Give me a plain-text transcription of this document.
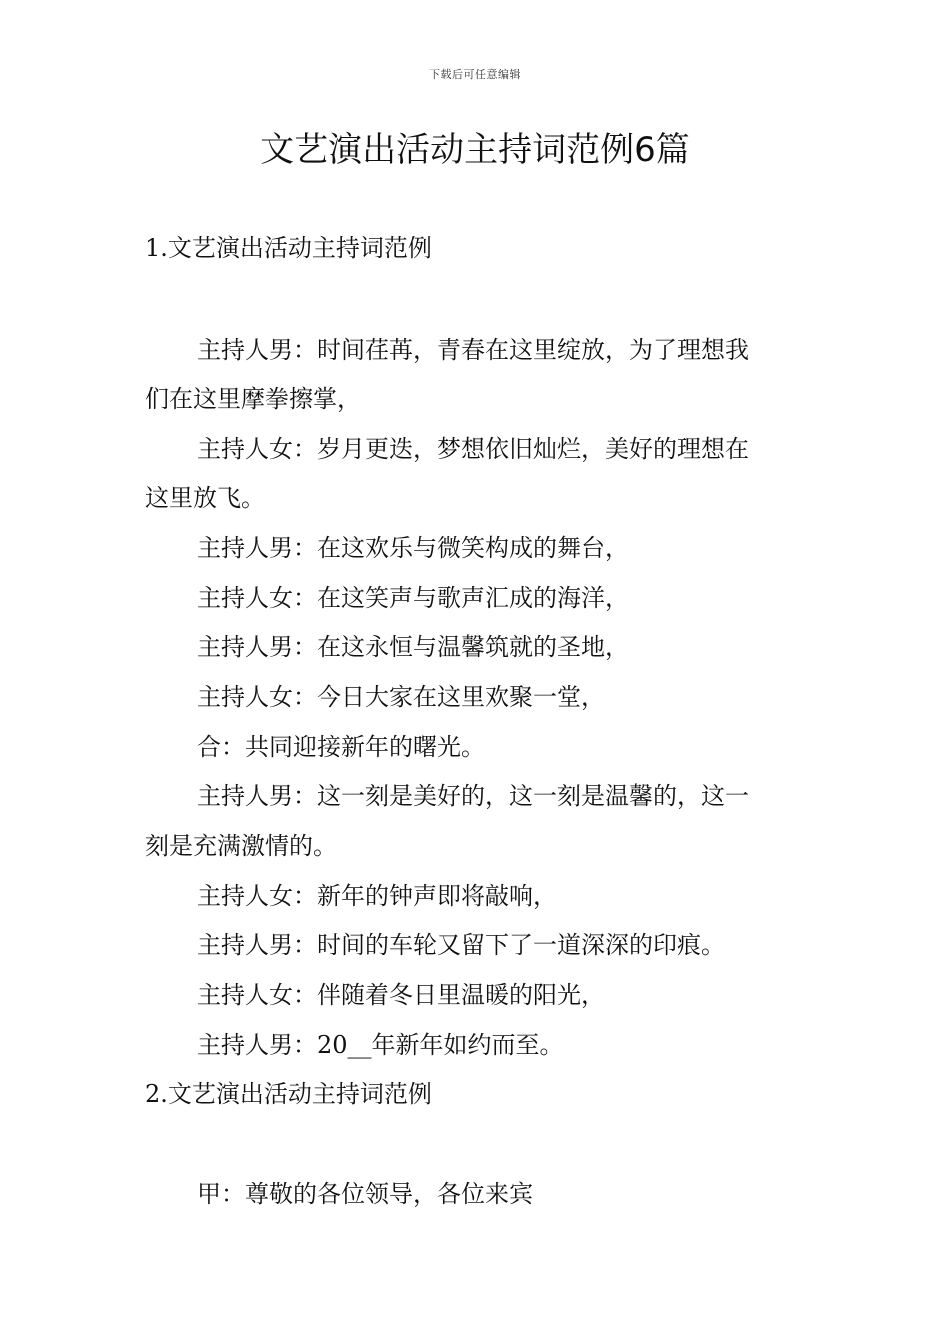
下载后可任意编辑
文艺演出活动主持词范例6篇
1.文艺演出活动主持词范例
主持人男：时间荏苒，青春在这里绽放，为了理想我
们在这里摩拳擦掌，
主持人女：岁月更迭，梦想依旧灿烂，美好的理想在
这里放飞。
主持人男：在这欢乐与微笑构成的舞台，
主持人女：在这笑声与歌声汇成的海洋，
主持人男：在这永恒与温馨筑就的圣地，
主持人女：今日大家在这里欢聚一堂，
合：共同迎接新年的曙光。
主持人男：这一刻是美好的，这一刻是温馨的，这一
刻是充满激情的。
主持人女：新年的钟声即将敲响，
主持人男：时间的车轮又留下了一道深深的印痕。
主持人女：伴随着冬日里温暖的阳光，
主持人男：20__年新年如约而至。
2.文艺演出活动主持词范例
甲：尊敬的各位领导，各位来宾
